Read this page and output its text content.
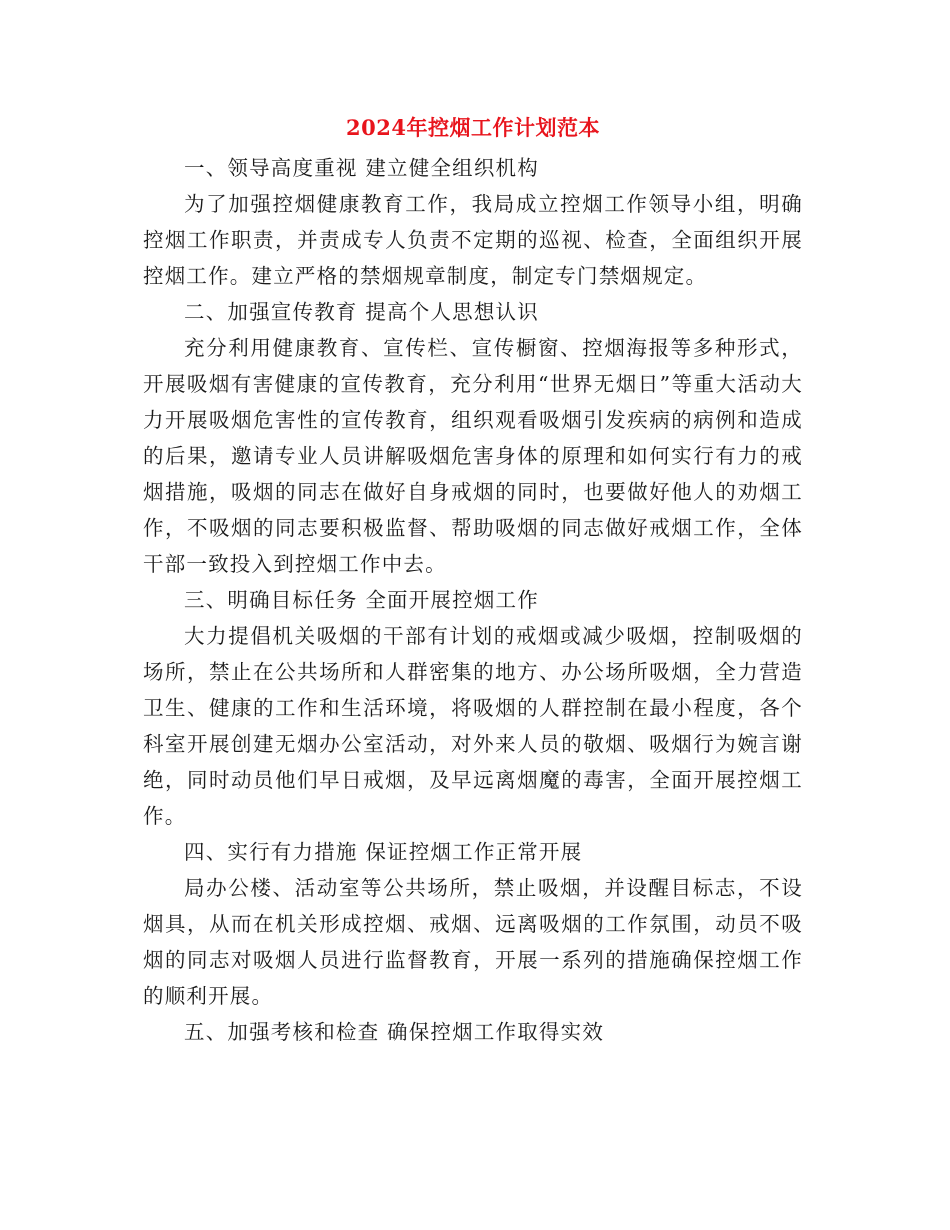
2024年控烟工作计划范本

一、领导高度重视 建立健全组织机构

为了加强控烟健康教育工作，我局成立控烟工作领导小组，明确控烟工作职责，并责成专人负责不定期的巡视、检查，全面组织开展控烟工作。建立严格的禁烟规章制度，制定专门禁烟规定。

二、加强宣传教育 提高个人思想认识

充分利用健康教育、宣传栏、宣传橱窗、控烟海报等多种形式，开展吸烟有害健康的宣传教育，充分利用“世界无烟日”等重大活动大力开展吸烟危害性的宣传教育，组织观看吸烟引发疾病的病例和造成的后果，邀请专业人员讲解吸烟危害身体的原理和如何实行有力的戒烟措施，吸烟的同志在做好自身戒烟的同时，也要做好他人的劝烟工作，不吸烟的同志要积极监督、帮助吸烟的同志做好戒烟工作，全体干部一致投入到控烟工作中去。

三、明确目标任务 全面开展控烟工作

大力提倡机关吸烟的干部有计划的戒烟或减少吸烟，控制吸烟的场所，禁止在公共场所和人群密集的地方、办公场所吸烟，全力营造卫生、健康的工作和生活环境，将吸烟的人群控制在最小程度，各个科室开展创建无烟办公室活动，对外来人员的敬烟、吸烟行为婉言谢绝，同时动员他们早日戒烟，及早远离烟魔的毒害，全面开展控烟工作。

四、实行有力措施 保证控烟工作正常开展

局办公楼、活动室等公共场所，禁止吸烟，并设醒目标志，不设烟具，从而在机关形成控烟、戒烟、远离吸烟的工作氛围，动员不吸烟的同志对吸烟人员进行监督教育，开展一系列的措施确保控烟工作的顺利开展。

五、加强考核和检查 确保控烟工作取得实效
